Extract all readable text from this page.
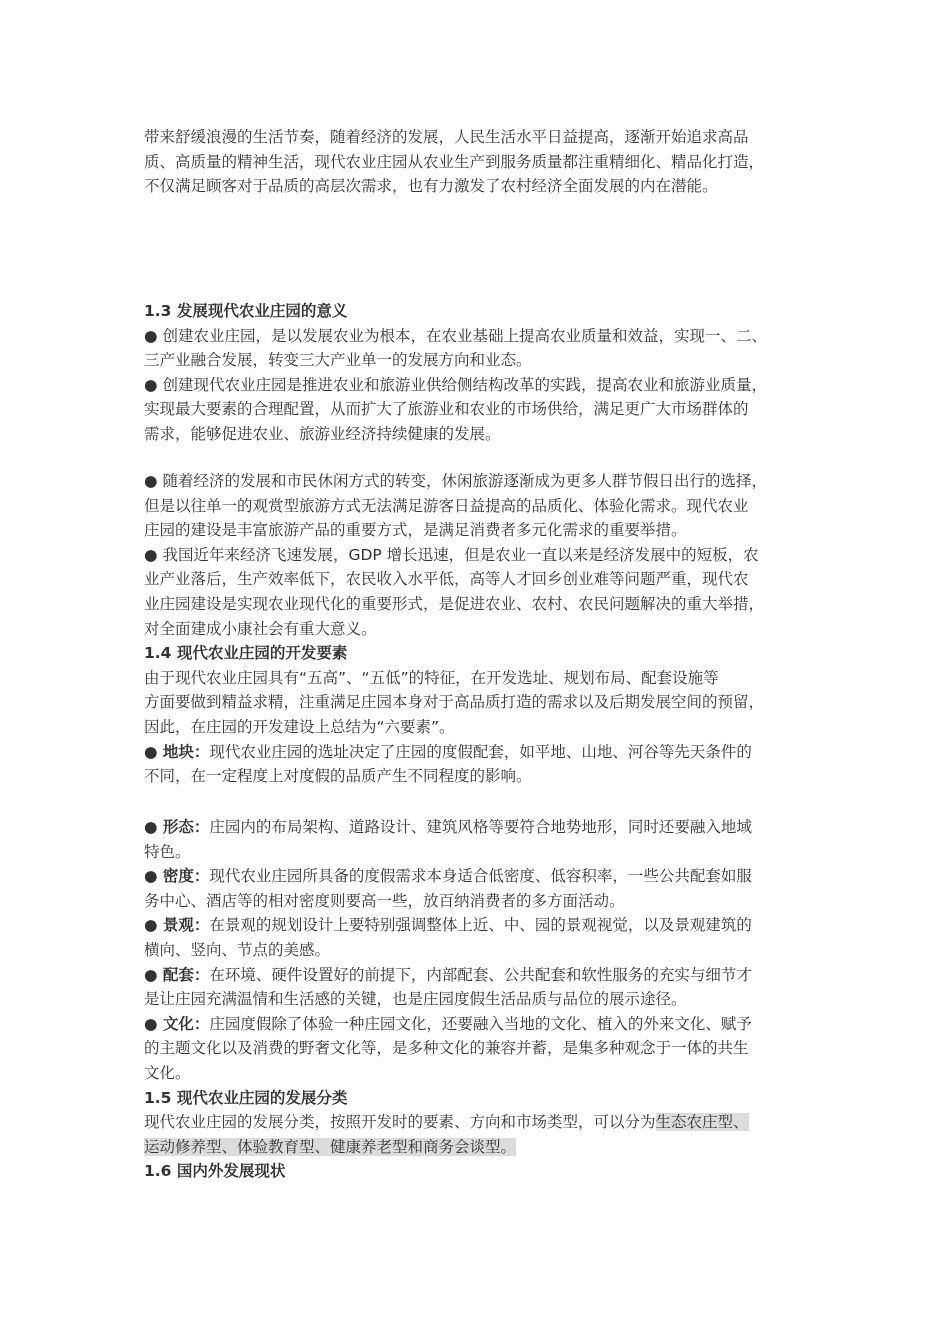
带来舒缓浪漫的生活节奏，随着经济的发展，人民生活水平日益提高，逐渐开始追求高品
质、高质量的精神生活，现代农业庄园从农业生产到服务质量都注重精细化、精品化打造，
不仅满足顾客对于品质的高层次需求，也有力激发了农村经济全面发展的内在潜能。
1.3 发展现代农业庄园的意义
● 创建农业庄园，是以发展农业为根本，在农业基础上提高农业质量和效益，实现一、二、
三产业融合发展，转变三大产业单一的发展方向和业态。
● 创建现代农业庄园是推进农业和旅游业供给侧结构改革的实践，提高农业和旅游业质量，
实现最大要素的合理配置，从而扩大了旅游业和农业的市场供给，满足更广大市场群体的
需求，能够促进农业、旅游业经济持续健康的发展。
● 随着经济的发展和市民休闲方式的转变，休闲旅游逐渐成为更多人群节假日出行的选择，
但是以往单一的观赏型旅游方式无法满足游客日益提高的品质化、体验化需求。现代农业
庄园的建设是丰富旅游产品的重要方式，是满足消费者多元化需求的重要举措。
● 我国近年来经济飞速发展，GDP 增长迅速，但是农业一直以来是经济发展中的短板，农
业产业落后，生产效率低下，农民收入水平低，高等人才回乡创业难等问题严重，现代农
业庄园建设是实现农业现代化的重要形式，是促进农业、农村、农民问题解决的重大举措，
对全面建成小康社会有重大意义。
1.4 现代农业庄园的开发要素
由于现代农业庄园具有“五高”、“五低”的特征，在开发选址、规划布局、配套设施等
方面要做到精益求精，注重满足庄园本身对于高品质打造的需求以及后期发展空间的预留，
因此，在庄园的开发建设上总结为“六要素”。
● 地块：现代农业庄园的选址决定了庄园的度假配套，如平地、山地、河谷等先天条件的
不同，在一定程度上对度假的品质产生不同程度的影响。
● 形态：庄园内的布局架构、道路设计、建筑风格等要符合地势地形，同时还要融入地域
特色。
● 密度：现代农业庄园所具备的度假需求本身适合低密度、低容积率，一些公共配套如服
务中心、酒店等的相对密度则要高一些，放百纳消费者的多方面活动。
● 景观：在景观的规划设计上要特别强调整体上近、中、园的景观视觉，以及景观建筑的
横向、竖向、节点的美感。
● 配套：在环境、硬件设置好的前提下，内部配套、公共配套和软性服务的充实与细节才
是让庄园充满温情和生活感的关键，也是庄园度假生活品质与品位的展示途径。
● 文化：庄园度假除了体验一种庄园文化，还要融入当地的文化、植入的外来文化、赋予
的主题文化以及消费的野奢文化等，是多种文化的兼容并蓄，是集多种观念于一体的共生
文化。
1.5 现代农业庄园的发展分类
现代农业庄园的发展分类，按照开发时的要素、方向和市场类型，可以分为生态农庄型、
运动修养型、体验教育型、健康养老型和商务会谈型。
1.6 国内外发展现状
